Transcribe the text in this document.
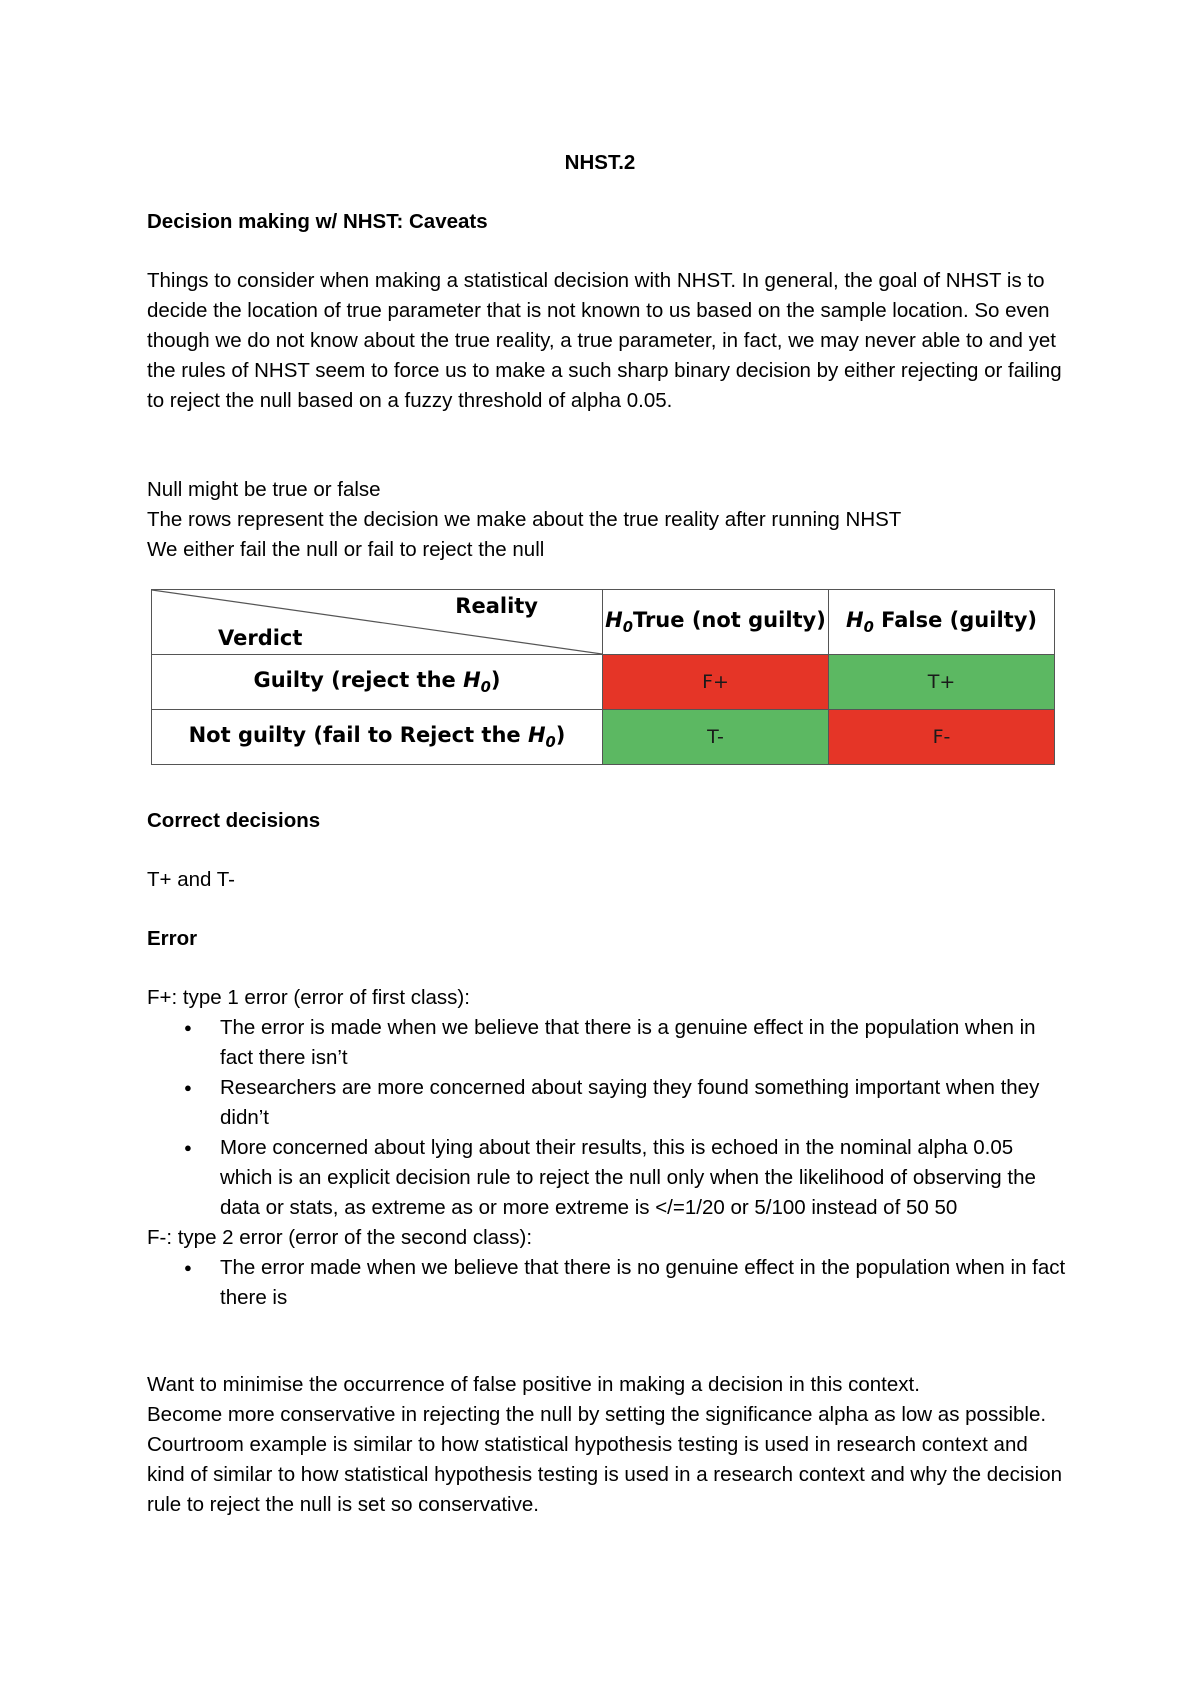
NHST.2

Decision making w/ NHST: Caveats

Things to consider when making a statistical decision with NHST. In general, the goal of NHST is to decide the location of true parameter that is not known to us based on the sample location. So even though we do not know about the true reality, a true parameter, in fact, we may never able to and yet the rules of NHST seem to force us to make a such sharp binary decision by either rejecting or failing to reject the null based on a fuzzy threshold of alpha 0.05.

Null might be true or false

The rows represent the decision we make about the true reality after running NHST

We either fail the null or fail to reject the null

Reality
Verdict	$H_0True$ (not guilty)	$H_0$ False (guilty)
Guilty (reject the $H_0$)	F+	T+
Not guilty (fail to Reject the $H_0$)	T-	F-

Correct decisions

T+ and T-

Error

F+: type 1 error (error of first class):

● The error is made when we believe that there is a genuine effect in the population when in fact there isn’t
● Researchers are more concerned about saying they found something important when they didn’t
● More concerned about lying about their results, this is echoed in the nominal alpha 0.05 which is an explicit decision rule to reject the null only when the likelihood of observing the data or stats, as extreme as or more extreme is </=1/20 or 5/100 instead of 50 50

F-: type 2 error (error of the second class):

● The error made when we believe that there is no genuine effect in the population when in fact there is

Want to minimise the occurrence of false positive in making a decision in this context.

Become more conservative in rejecting the null by setting the significance alpha as low as possible.

Courtroom example is similar to how statistical hypothesis testing is used in research context and kind of similar to how statistical hypothesis testing is used in a research context and why the decision rule to reject the null is set so conservative.
